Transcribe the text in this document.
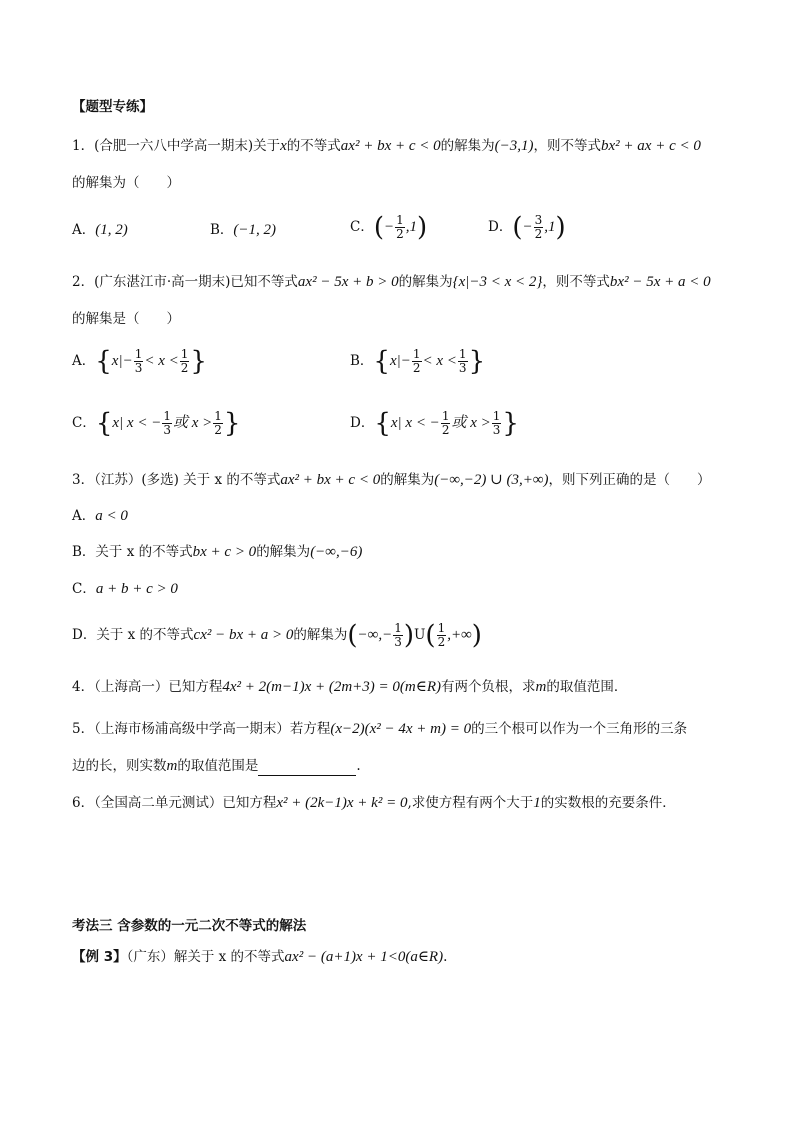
【题型专练】
1．(合肥一六八中学高一期末)关于x的不等式ax² + bx + c < 0的解集为(−3,1)，则不等式bx² + ax + c < 0
的解集为（　　）
A．(1, 2)	B．(−1, 2)	C．(− $\frac{1}{2} ,1$)	D．(− $\frac{3}{2} ,1$)
2．(广东湛江市·高一期末)已知不等式ax² − 5x + b > 0的解集为{x|−3 < x < 2}，则不等式bx² − 5x + a < 0
的解集是（　　）
A．{$x|- \frac{1}{3} < x < \frac{1}{2}$ }	B．{$x|- \frac{1}{2} < x < \frac{1}{3}$ }
C．{x| x < − $\frac{1}{3}$ 或 $x > \frac{1}{2}$ }	D．{x| x < − $\frac{1}{2}$ 或 $x > \frac{1}{3}$ }
3．（江苏）(多选) 关于 x 的不等式ax² + bx + c < 0的解集为(−∞,−2) ∪ (3,+∞)，则下列正确的是（　　）
A．a < 0
B．关于 x 的不等式bx + c > 0的解集为(−∞,−6)
C．a + b + c > 0
D．关于 x 的不等式cx² − bx + a > 0的解集为(−∞,− $\frac{1}{3} )U( \frac{1}{2}$ ,+∞)
4．（上海高一）已知方程4x² + 2(m−1)x + (2m+3) = 0(m∈R)有两个负根，求m的取值范围．
5．（上海市杨浦高级中学高一期末）若方程(x−2)(x² − 4x + m) = 0的三个根可以作为一个三角形的三条
边的长，则实数m的取值范围是	.
6．（全国高二单元测试）已知方程x² + (2k−1)x + k² = 0,求使方程有两个大于1的实数根的充要条件．
考法三 含参数的一元二次不等式的解法
【例 3】（广东）解关于 x 的不等式ax² − (a+1)x + 1<0(a∈R).
